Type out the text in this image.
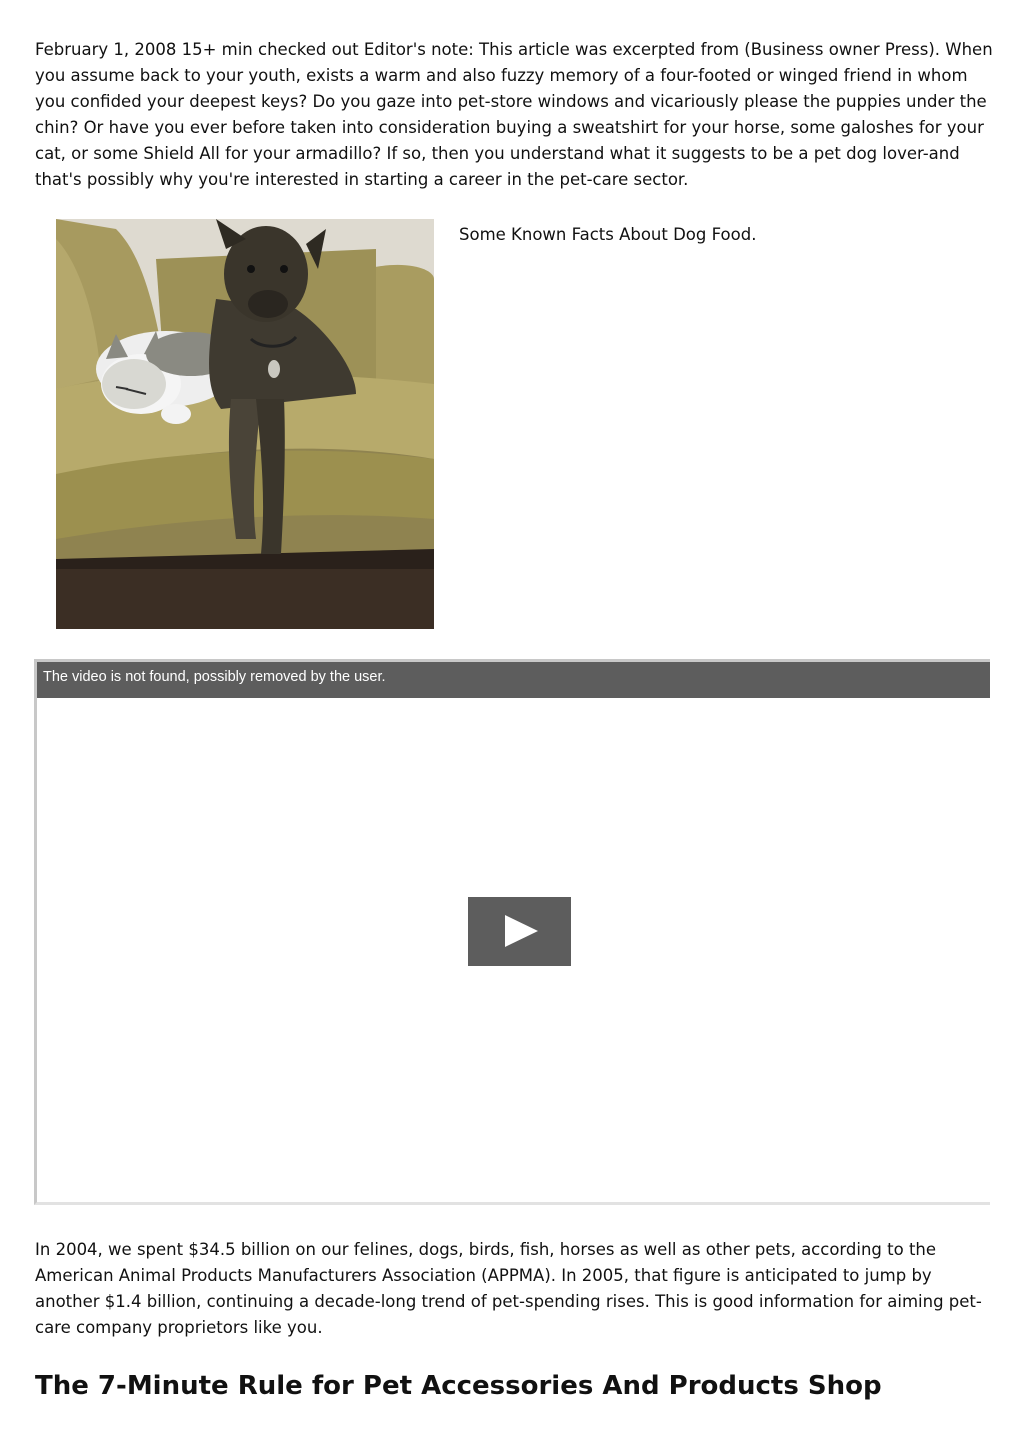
February 1, 2008 15+ min checked out Editor's note: This article was excerpted from (Business owner Press). When you assume back to your youth, exists a warm and also fuzzy memory of a four-footed or winged friend in whom you confided your deepest keys? Do you gaze into pet-store windows and vicariously please the puppies under the chin? Or have you ever before taken into consideration buying a sweatshirt for your horse, some galoshes for your cat, or some Shield All for your armadillo? If so, then you understand what it suggests to be a pet dog lover-and that's possibly why you're interested in starting a career in the pet-care sector.

Some Known Facts About Dog Food.

The video is not found, possibly removed by the user.

In 2004, we spent $34.5 billion on our felines, dogs, birds, fish, horses as well as other pets, according to the American Animal Products Manufacturers Association (APPMA). In 2005, that figure is anticipated to jump by another $1.4 billion, continuing a decade-long trend of pet-spending rises. This is good information for aiming pet-care company proprietors like you.

The 7-Minute Rule for Pet Accessories And Products Shop
